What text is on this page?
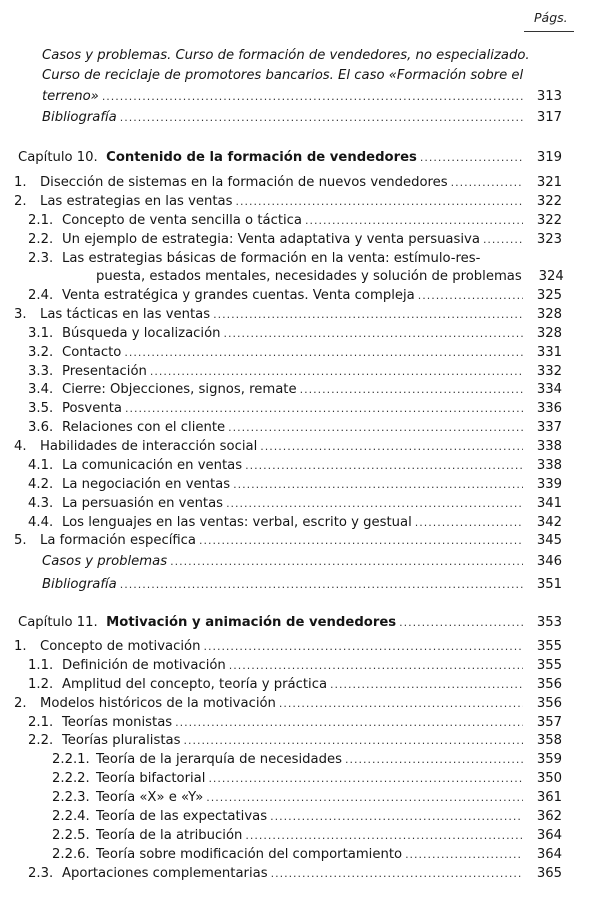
Págs.
Casos y problemas. Curso de formación de vendedores, no especializado.
Curso de reciclaje de promotores bancarios. El caso «Formación sobre el
terreno» .....	313
Bibliografía .....	317
Capítulo 10.  Contenido de la formación de vendedores .....	319
1.	Disección de sistemas en la formación de nuevos vendedores .....	321
2.	Las estrategias en las ventas .....	322
2.1. Concepto de venta sencilla o táctica .....	322
2.2. Un ejemplo de estrategia: Venta adaptativa y venta persuasiva .....	323
2.3. Las estrategias básicas de formación en la venta: estímulo-res-
puesta, estados mentales, necesidades y solución de problemas	324
2.4. Venta estratégica y grandes cuentas. Venta compleja .....	325
3.	Las tácticas en las ventas .....	328
3.1. Búsqueda y localización .....	328
3.2. Contacto .....	331
3.3. Presentación .....	332
3.4. Cierre: Objecciones, signos, remate .....	334
3.5. Posventa .....	336
3.6. Relaciones con el cliente .....	337
4.	Habilidades de interacción social .....	338
4.1. La comunicación en ventas .....	338
4.2. La negociación en ventas .....	339
4.3. La persuasión en ventas .....	341
4.4. Los lenguajes en las ventas: verbal, escrito y gestual .....	342
5.	La formación específica .....	345
Casos y problemas .....	346
Bibliografía .....	351
Capítulo 11.  Motivación y animación de vendedores .....	353
1.	Concepto de motivación .....	355
1.1. Definición de motivación .....	355
1.2. Amplitud del concepto, teoría y práctica .....	356
2.	Modelos históricos de la motivación .....	356
2.1. Teorías monistas .....	357
2.2. Teorías pluralistas .....	358
2.2.1. Teoría de la jerarquía de necesidades .....	359
2.2.2. Teoría bifactorial .....	350
2.2.3. Teoría «X» e «Y» .....	361
2.2.4. Teoría de las expectativas .....	362
2.2.5. Teoría de la atribución .....	364
2.2.6. Teoría sobre modificación del comportamiento .....	364
2.3. Aportaciones complementarias .....	365
